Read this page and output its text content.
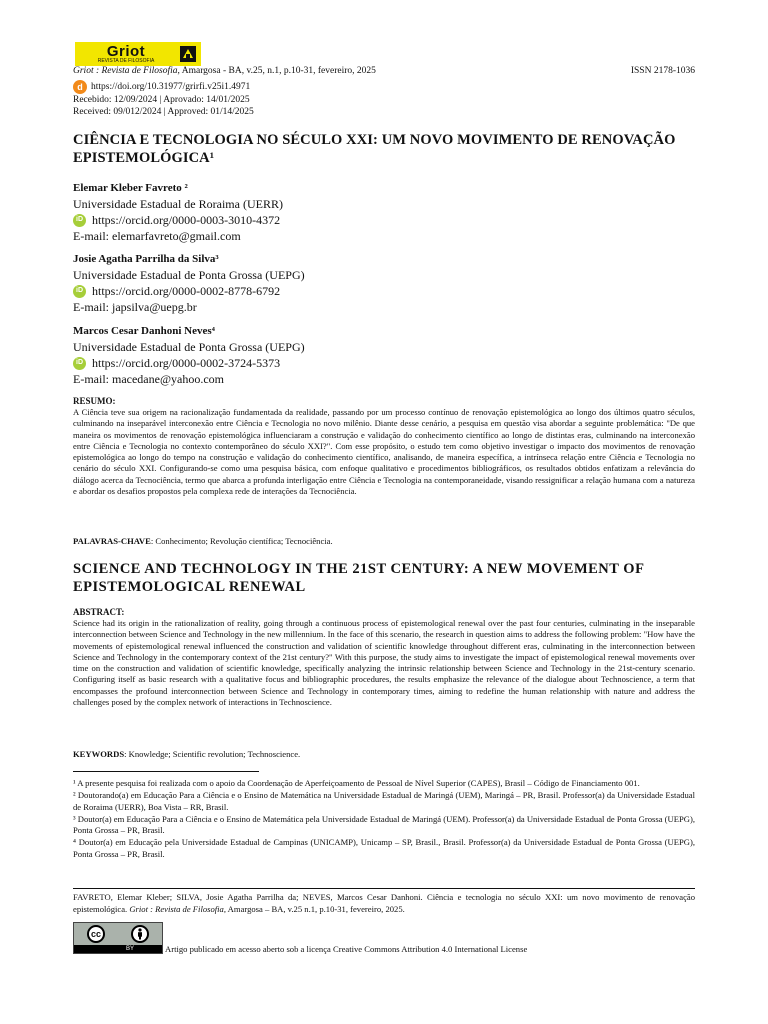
Griot
REVISTA DE FILOSOFIA
Griot : Revista de Filosofia, Amargosa - BA, v.25, n.1, p.10-31, fevereiro, 2025	ISSN 2178-1036
d https://doi.org/10.31977/grirfi.v25i1.4971
Recebido: 12/09/2024 | Aprovado: 14/01/2025
Received: 09/012/2024 | Approved: 01/14/2025
CIÊNCIA E TECNOLOGIA NO SÉCULO XXI: UM NOVO MOVIMENTO DE RENOVAÇÃO EPISTEMOLÓGICA¹
Elemar Kleber Favreto ²
Universidade Estadual de Roraima (UERR)
iD https://orcid.org/0000-0003-3010-4372
E-mail: elemarfavreto@gmail.com
Josie Agatha Parrilha da Silva³
Universidade Estadual de Ponta Grossa (UEPG)
iD https://orcid.org/0000-0002-8778-6792
E-mail: japsilva@uepg.br
Marcos Cesar Danhoni Neves⁴
Universidade Estadual de Ponta Grossa (UEPG)
iD https://orcid.org/0000-0002-3724-5373
E-mail: macedane@yahoo.com
RESUMO:
A Ciência teve sua origem na racionalização fundamentada da realidade, passando por um processo contínuo de renovação epistemológica ao longo dos últimos quatro séculos, culminando na inseparável interconexão entre Ciência e Tecnologia no novo milênio. Diante desse cenário, a pesquisa em questão visa abordar a seguinte problemática: "De que maneira os movimentos de renovação epistemológica influenciaram a construção e validação do conhecimento científico ao longo de distintas eras, culminando na interconexão entre Ciência e Tecnologia no contexto contemporâneo do século XXI?". Com esse propósito, o estudo tem como objetivo investigar o impacto dos movimentos de renovação epistemológica ao longo do tempo na construção e validação do conhecimento científico, analisando, de maneira específica, a intrínseca relação entre Ciência e Tecnologia no cenário do século XXI. Configurando-se como uma pesquisa básica, com enfoque qualitativo e procedimentos bibliográficos, os resultados obtidos enfatizam a relevância do diálogo acerca da Tecnociência, termo que abarca a profunda interligação entre Ciência e Tecnologia na contemporaneidade, visando ressignificar a relação humana com a natureza e abordar os desafios propostos pela complexa rede de interações da Tecnociência.
PALAVRAS-CHAVE: Conhecimento; Revolução científica; Tecnociência.
SCIENCE AND TECHNOLOGY IN THE 21ST CENTURY: A NEW MOVEMENT OF EPISTEMOLOGICAL RENEWAL
ABSTRACT:
Science had its origin in the rationalization of reality, going through a continuous process of epistemological renewal over the past four centuries, culminating in the inseparable interconnection between Science and Technology in the new millennium. In the face of this scenario, the research in question aims to address the following problem: "How have the movements of epistemological renewal influenced the construction and validation of scientific knowledge throughout different eras, culminating in the interconnection between Science and Technology in the contemporary context of the 21st century?" With this purpose, the study aims to investigate the impact of epistemological renewal movements over time on the construction and validation of scientific knowledge, specifically analyzing the intrinsic relationship between Science and Technology in the 21st-century scenario. Configuring itself as basic research with a qualitative focus and bibliographic procedures, the results emphasize the relevance of the dialogue about Technoscience, a term that encompasses the profound interconnection between Science and Technology in contemporary times, aiming to redefine the human relationship with nature and address the challenges posed by the complex network of interactions in Technoscience.
KEYWORDS: Knowledge; Scientific revolution; Technoscience.

¹ A presente pesquisa foi realizada com o apoio da Coordenação de Aperfeiçoamento de Pessoal de Nível Superior (CAPES), Brasil – Código de Financiamento 001.

² Doutorando(a) em Educação Para a Ciência e o Ensino de Matemática na Universidade Estadual de Maringá (UEM), Maringá – PR, Brasil. Professor(a) da Universidade Estadual de Roraima (UERR), Boa Vista – RR, Brasil.

³ Doutor(a) em Educação Para a Ciência e o Ensino de Matemática pela Universidade Estadual de Maringá (UEM). Professor(a) da Universidade Estadual de Ponta Grossa (UEPG), Ponta Grossa – PR, Brasil.

⁴ Doutor(a) em Educação pela Universidade Estadual de Campinas (UNICAMP), Unicamp – SP, Brasil., Brasil. Professor(a) da Universidade Estadual de Ponta Grossa (UEPG), Ponta Grossa – PR, Brasil.

FAVRETO, Elemar Kleber; SILVA, Josie Agatha Parrilha da; NEVES, Marcos Cesar Danhoni. Ciência e tecnologia no século XXI: um novo movimento de renovação epistemológica. Griot : Revista de Filosofia, Amargosa – BA, v.25 n.1, p.10-31, fevereiro, 2025.
cc
BY	Artigo publicado em acesso aberto sob a licença Creative Commons Attribution 4.0 International License
